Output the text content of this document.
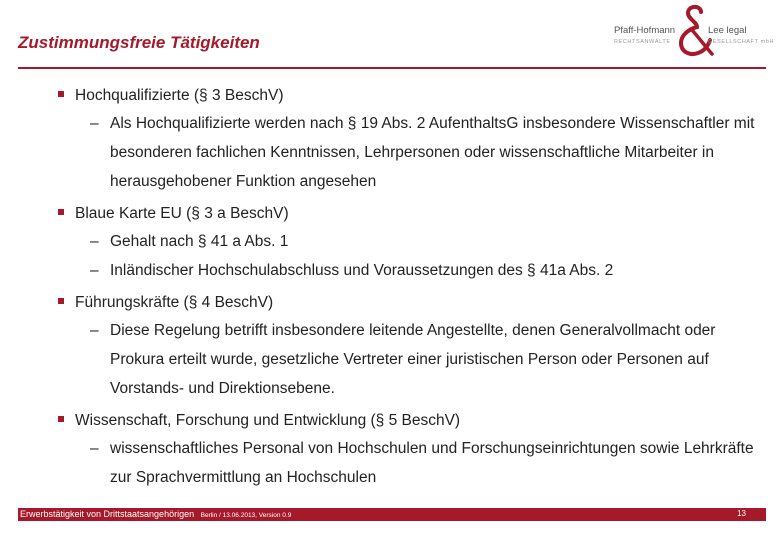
Zustimmungsfreie Tätigkeiten
Pfaff-Hofmann
RECHTSANWÄLTE
Lee legal
GESELLSCHAFT mbH
Hochqualifizierte (§ 3 BeschV)
– Als Hochqualifizierte werden nach § 19 Abs. 2 AufenthaltsG insbesondere Wissenschaftler mit besonderen fachlichen Kenntnissen, Lehrpersonen oder wissenschaftliche Mitarbeiter in herausgehobener Funktion angesehen
Blaue Karte EU (§ 3 a BeschV)
– Gehalt nach § 41 a Abs. 1
– Inländischer Hochschulabschluss und Voraussetzungen des § 41a Abs. 2
Führungskräfte (§ 4 BeschV)
– Diese Regelung betrifft insbesondere leitende Angestellte, denen Generalvollmacht oder Prokura erteilt wurde, gesetzliche Vertreter einer juristischen Person oder Personen auf Vorstands- und Direktionsebene.
Wissenschaft, Forschung und Entwicklung (§ 5 BeschV)
– wissenschaftliches Personal von Hochschulen und Forschungseinrichtungen sowie Lehrkräfte zur Sprachvermittlung an Hochschulen
Erwerbstätigkeit von Drittstaatsangehörigen Berlin / 13.06.2013, Version 0.9	13
